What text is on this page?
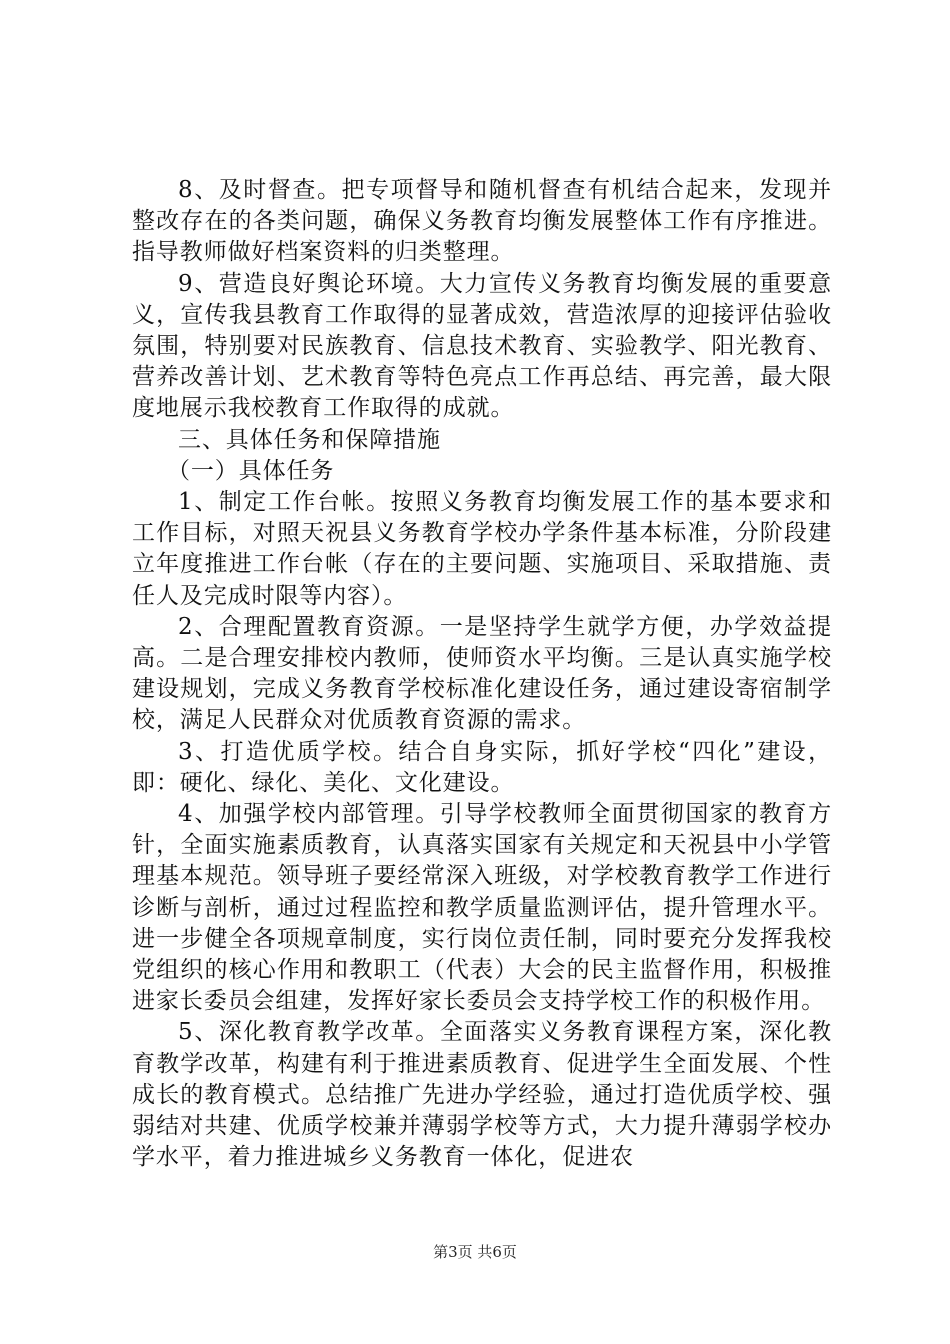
8、及时督查。把专项督导和随机督查有机结合起来，发现并整改存在的各类问题，确保义务教育均衡发展整体工作有序推进。指导教师做好档案资料的归类整理。

9、营造良好舆论环境。大力宣传义务教育均衡发展的重要意义，宣传我县教育工作取得的显著成效，营造浓厚的迎接评估验收氛围，特别要对民族教育、信息技术教育、实验教学、阳光教育、营养改善计划、艺术教育等特色亮点工作再总结、再完善，最大限度地展示我校教育工作取得的成就。

三、具体任务和保障措施

（一）具体任务

1、制定工作台帐。按照义务教育均衡发展工作的基本要求和工作目标，对照天祝县义务教育学校办学条件基本标准，分阶段建立年度推进工作台帐（存在的主要问题、实施项目、采取措施、责任人及完成时限等内容）。

2、合理配置教育资源。一是坚持学生就学方便，办学效益提高。二是合理安排校内教师，使师资水平均衡。三是认真实施学校建设规划，完成义务教育学校标准化建设任务，通过建设寄宿制学校，满足人民群众对优质教育资源的需求。

3、打造优质学校。结合自身实际，抓好学校“四化”建设，即：硬化、绿化、美化、文化建设。

4、加强学校内部管理。引导学校教师全面贯彻国家的教育方针，全面实施素质教育，认真落实国家有关规定和天祝县中小学管理基本规范。领导班子要经常深入班级，对学校教育教学工作进行诊断与剖析，通过过程监控和教学质量监测评估，提升管理水平。进一步健全各项规章制度，实行岗位责任制，同时要充分发挥我校党组织的核心作用和教职工（代表）大会的民主监督作用，积极推进家长委员会组建，发挥好家长委员会支持学校工作的积极作用。

5、深化教育教学改革。全面落实义务教育课程方案，深化教育教学改革，构建有利于推进素质教育、促进学生全面发展、个性成长的教育模式。总结推广先进办学经验，通过打造优质学校、强弱结对共建、优质学校兼并薄弱学校等方式，大力提升薄弱学校办学水平，着力推进城乡义务教育一体化，促进农

第3页 共6页
